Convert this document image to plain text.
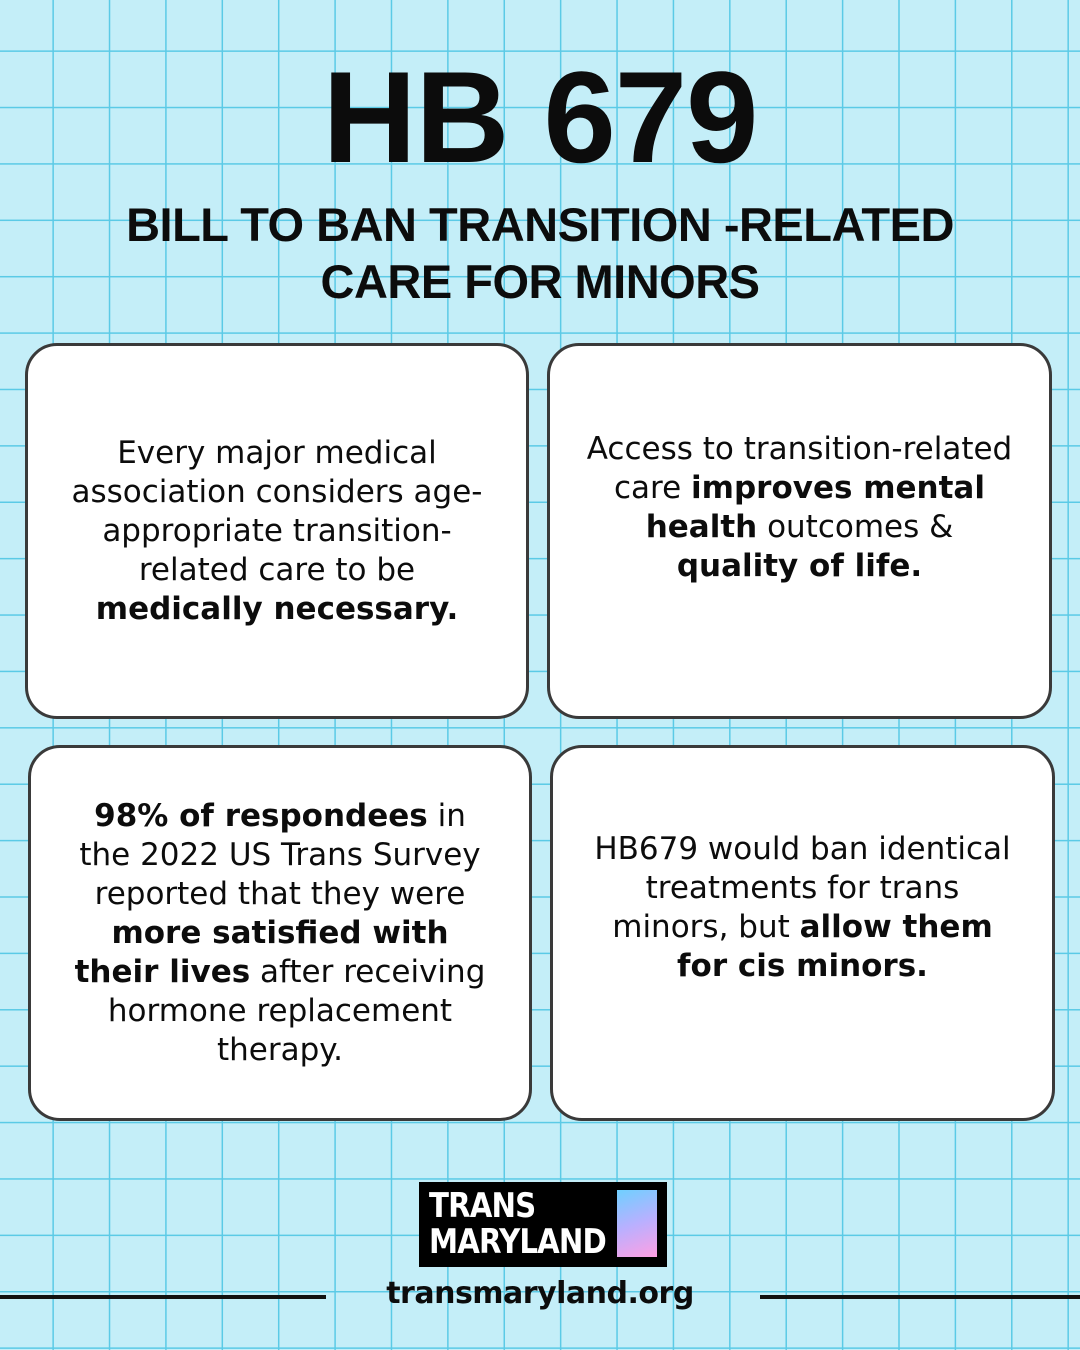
HB 679
BILL TO BAN TRANSITION -RELATED
CARE FOR MINORS
Every major medical association considers age-appropriate transition-related care to be medically necessary.
Access to transition-related care improves mental health outcomes & quality of life.
98% of respondees in the 2022 US Trans Survey reported that they were more satisfied with their lives after receiving hormone replacement therapy.
HB679 would ban identical treatments for trans minors, but allow them for cis minors.
TRANS
MARYLAND
transmaryland.org
